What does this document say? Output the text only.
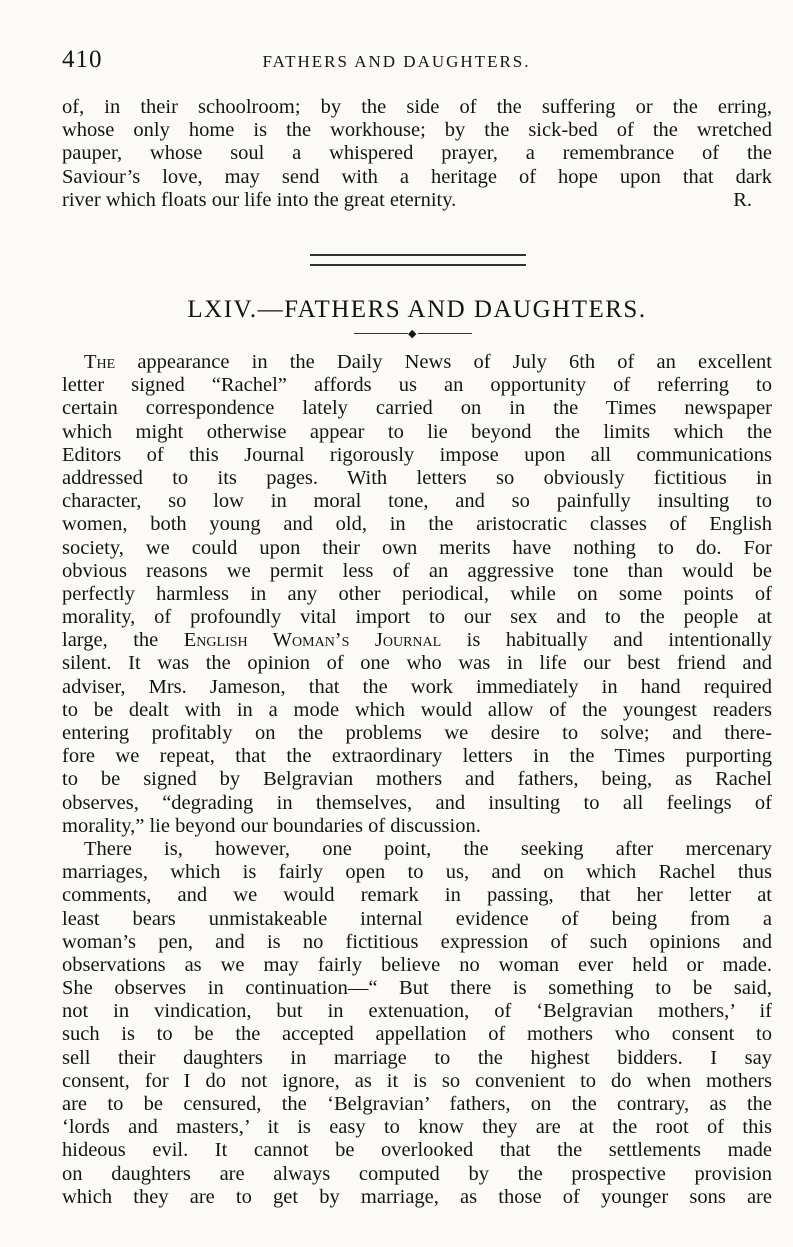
410	FATHERS AND DAUGHTERS.
of, in their schoolroom; by the side of the suffering or the erring,
whose only home is the workhouse; by the sick-bed of the wretched
pauper, whose soul a whispered prayer, a remembrance of the
Saviour’s love, may send with a heritage of hope upon that dark
river which floats our life into the great eternity.	R.
LXIV.—FATHERS AND DAUGHTERS.
◆
The appearance in the Daily News of July 6th of an excellent
letter signed “Rachel” affords us an opportunity of referring to
certain correspondence lately carried on in the Times newspaper
which might otherwise appear to lie beyond the limits which the
Editors of this Journal rigorously impose upon all communications
addressed to its pages. With letters so obviously fictitious in
character, so low in moral tone, and so painfully insulting to
women, both young and old, in the aristocratic classes of English
society, we could upon their own merits have nothing to do. For
obvious reasons we permit less of an aggressive tone than would be
perfectly harmless in any other periodical, while on some points of
morality, of profoundly vital import to our sex and to the people at
large, the English Woman’s Journal is habitually and intentionally
silent. It was the opinion of one who was in life our best friend and
adviser, Mrs. Jameson, that the work immediately in hand required
to be dealt with in a mode which would allow of the youngest readers
entering profitably on the problems we desire to solve; and there-
fore we repeat, that the extraordinary letters in the Times purporting
to be signed by Belgravian mothers and fathers, being, as Rachel
observes, “degrading in themselves, and insulting to all feelings of
morality,” lie beyond our boundaries of discussion.
There is, however, one point, the seeking after mercenary
marriages, which is fairly open to us, and on which Rachel thus
comments, and we would remark in passing, that her letter at
least bears unmistakeable internal evidence of being from a
woman’s pen, and is no fictitious expression of such opinions and
observations as we may fairly believe no woman ever held or made.
She observes in continuation—“ But there is something to be said,
not in vindication, but in extenuation, of ‘Belgravian mothers,’ if
such is to be the accepted appellation of mothers who consent to
sell their daughters in marriage to the highest bidders. I say
consent, for I do not ignore, as it is so convenient to do when mothers
are to be censured, the ‘Belgravian’ fathers, on the contrary, as the
‘lords and masters,’ it is easy to know they are at the root of this
hideous evil. It cannot be overlooked that the settlements made
on daughters are always computed by the prospective provision
which they are to get by marriage, as those of younger sons are
